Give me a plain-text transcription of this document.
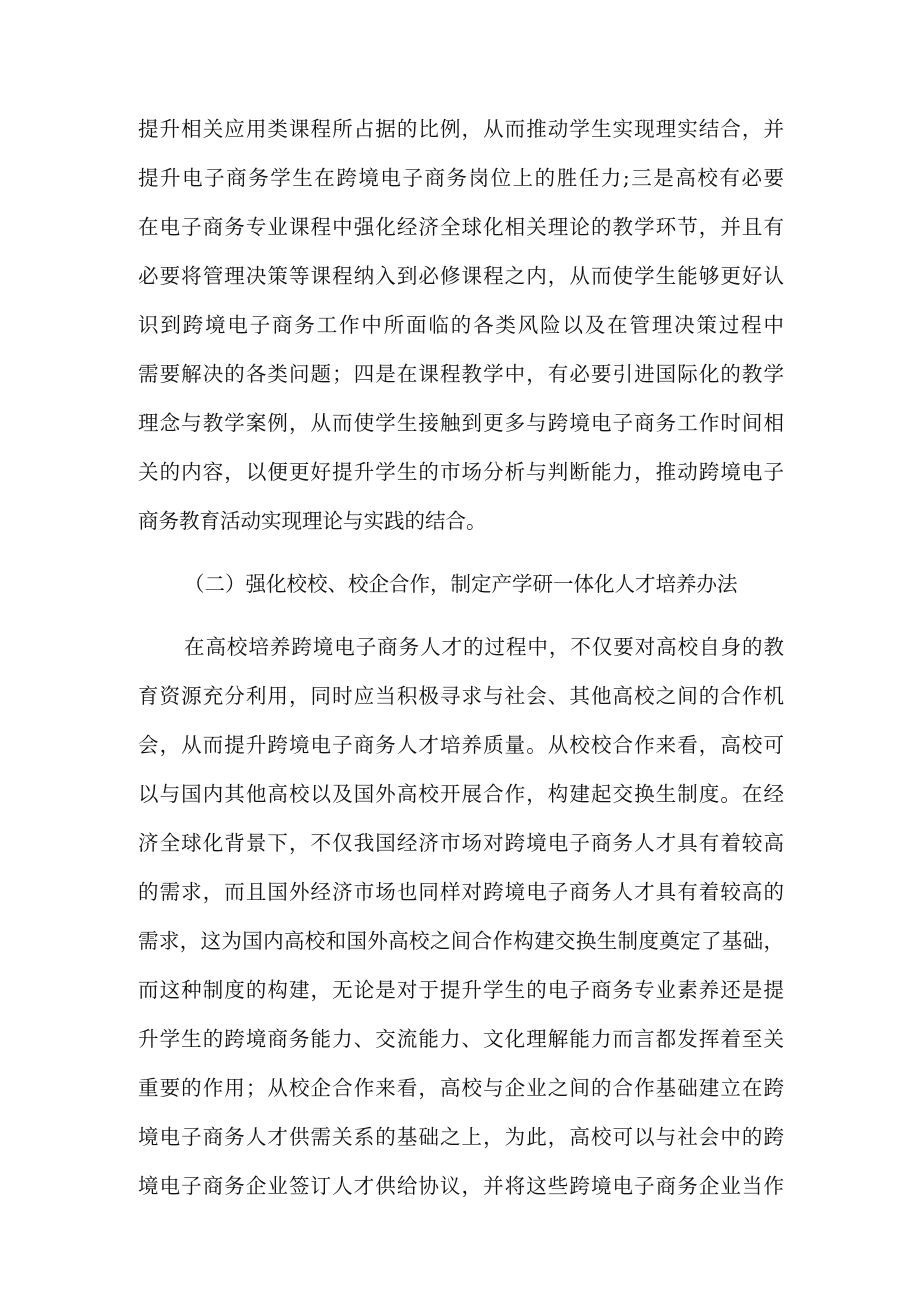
提升相关应用类课程所占据的比例，从而推动学生实现理实结合，并
提升电子商务学生在跨境电子商务岗位上的胜任力;三是高校有必要
在电子商务专业课程中强化经济全球化相关理论的教学环节，并且有
必要将管理决策等课程纳入到必修课程之内，从而使学生能够更好认
识到跨境电子商务工作中所面临的各类风险以及在管理决策过程中
需要解决的各类问题；四是在课程教学中，有必要引进国际化的教学
理念与教学案例，从而使学生接触到更多与跨境电子商务工作时间相
关的内容，以便更好提升学生的市场分析与判断能力，推动跨境电子
商务教育活动实现理论与实践的结合。
（二）强化校校、校企合作，制定产学研一体化人才培养办法
在高校培养跨境电子商务人才的过程中，不仅要对高校自身的教
育资源充分利用，同时应当积极寻求与社会、其他高校之间的合作机
会，从而提升跨境电子商务人才培养质量。从校校合作来看，高校可
以与国内其他高校以及国外高校开展合作，构建起交换生制度。在经
济全球化背景下，不仅我国经济市场对跨境电子商务人才具有着较高
的需求，而且国外经济市场也同样对跨境电子商务人才具有着较高的
需求，这为国内高校和国外高校之间合作构建交换生制度奠定了基础，
而这种制度的构建，无论是对于提升学生的电子商务专业素养还是提
升学生的跨境商务能力、交流能力、文化理解能力而言都发挥着至关
重要的作用；从校企合作来看，高校与企业之间的合作基础建立在跨
境电子商务人才供需关系的基础之上，为此，高校可以与社会中的跨
境电子商务企业签订人才供给协议，并将这些跨境电子商务企业当作
